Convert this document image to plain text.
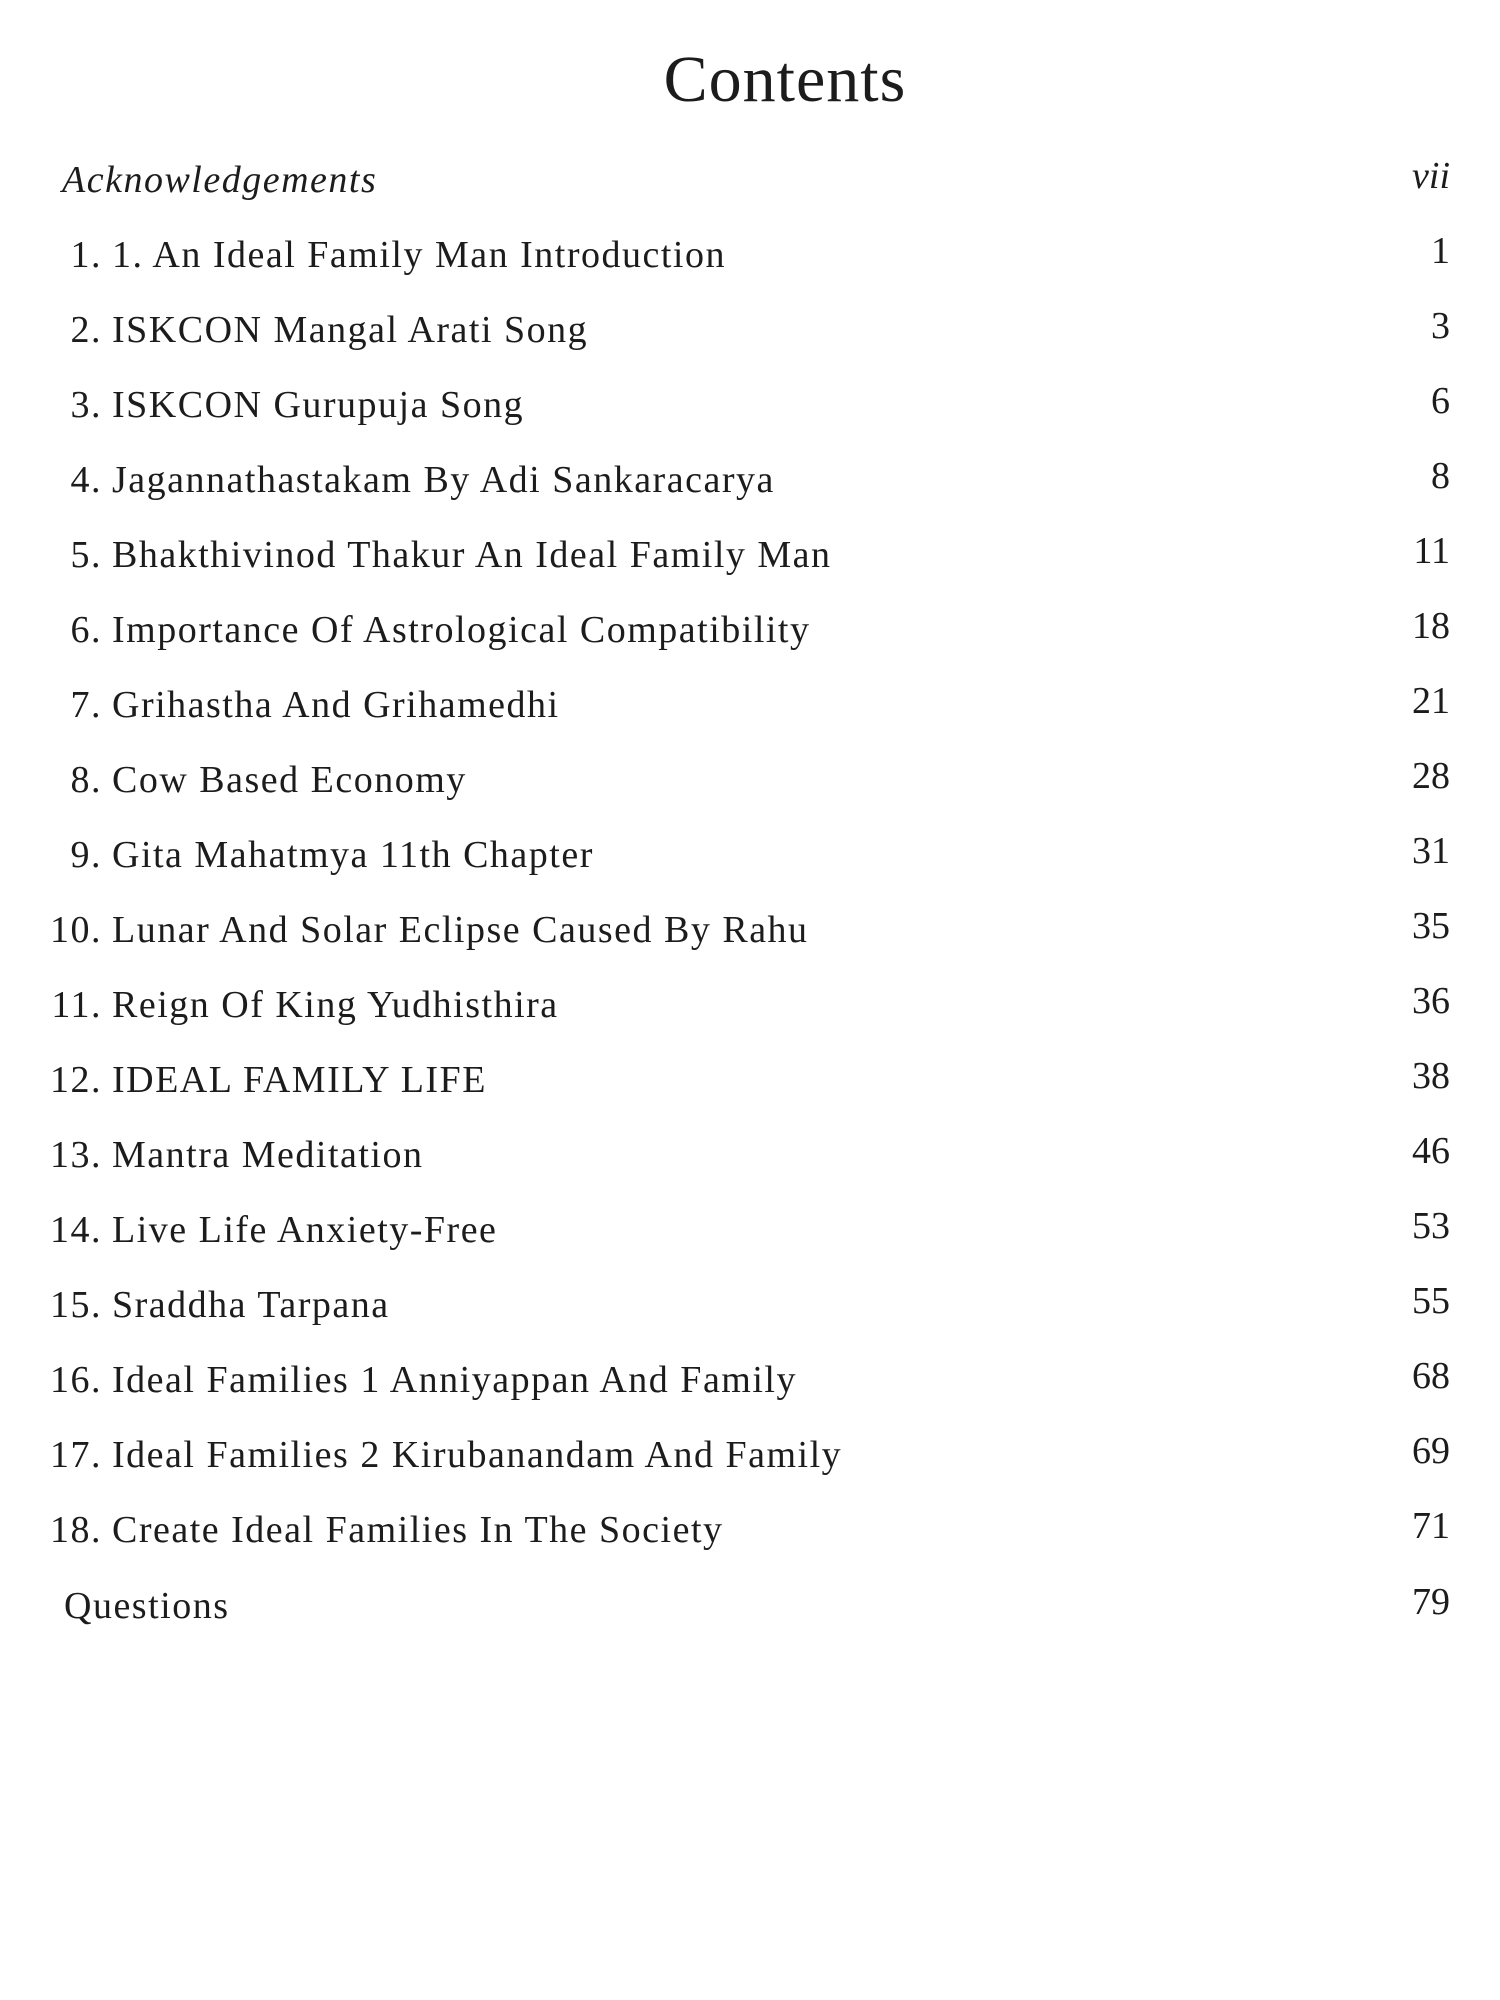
Contents
Acknowledgements	vii
1. 1. An Ideal Family Man Introduction	1
2. ISKCON Mangal Arati Song	3
3. ISKCON Gurupuja Song	6
4. Jagannathastakam By Adi Sankaracarya	8
5. Bhakthivinod Thakur An Ideal Family Man	11
6. Importance Of Astrological Compatibility	18
7. Grihastha And Grihamedhi	21
8. Cow Based Economy	28
9. Gita Mahatmya 11th Chapter	31
10. Lunar And Solar Eclipse Caused By Rahu	35
11. Reign Of King Yudhisthira	36
12. IDEAL FAMILY LIFE	38
13. Mantra Meditation	46
14. Live Life Anxiety-Free	53
15. Sraddha Tarpana	55
16. Ideal Families 1 Anniyappan And Family	68
17. Ideal Families 2 Kirubanandam And Family	69
18. Create Ideal Families In The Society	71
Questions	79
